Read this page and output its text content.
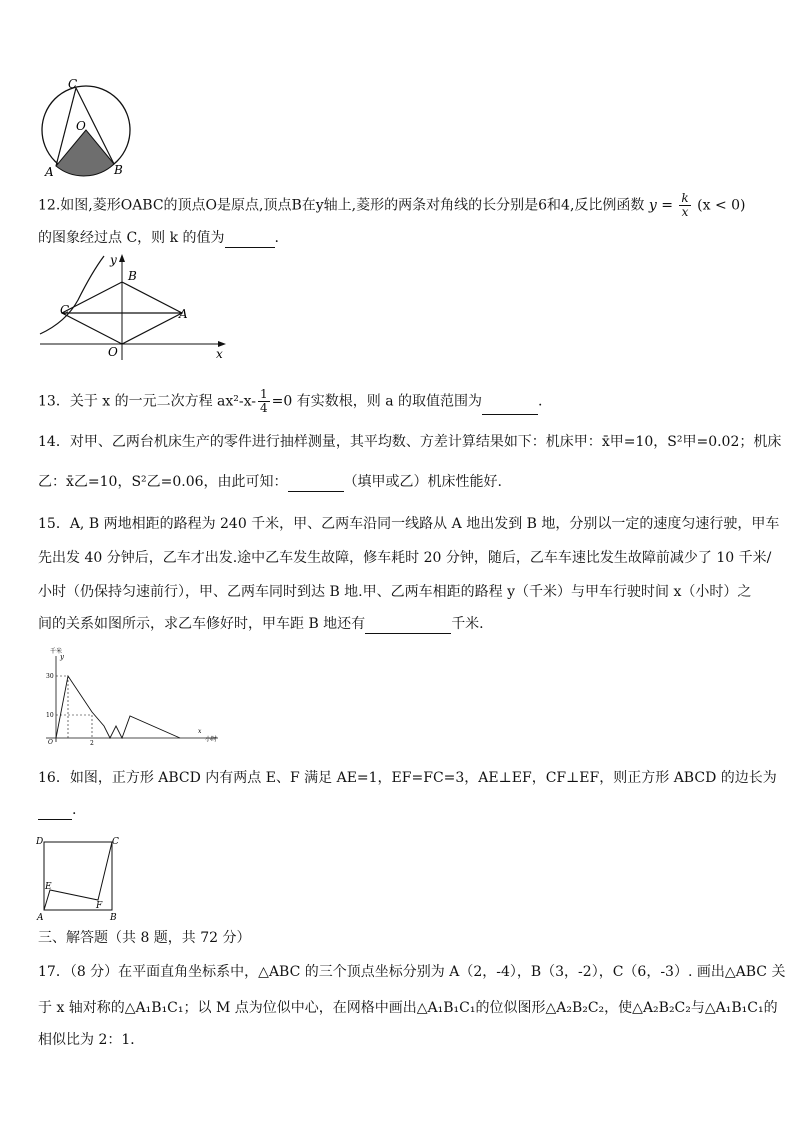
C
O
A	B
12.如图,菱形OABC的顶点O是原点,顶点B在y轴上,菱形的两条对角线的长分别是6和4,反比例函数 $y = \frac{k}{x} (x < 0)$
的图象经过点 C，则 k 的值为	.
y
B
C	A
O	x
13．关于 x 的一元二次方程 $ax^2-x- \frac{1}{4} =0$ 有实数根，则 a 的取值范围为	.
14．对甲、乙两台机床生产的零件进行抽样测量，其平均数、方差计算结果如下：机床甲：x̄甲=10，S²甲=0.02；机床
乙：x̄乙=10，S²乙=0.06，由此可知：	（填甲或乙）机床性能好.
15．A, B 两地相距的路程为 240 千米，甲、乙两车沿同一线路从 A 地出发到 B 地，分别以一定的速度匀速行驶，甲车
先出发 40 分钟后，乙车才出发.途中乙车发生故障，修车耗时 20 分钟，随后，乙车车速比发生故障前减少了 10 千米/
小时（仍保持匀速前行），甲、乙两车同时到达 B 地.甲、乙两车相距的路程 y（千米）与甲车行驶时间 x（小时）之
间的关系如图所示，求乙车修好时，甲车距 B 地还有	千米.
千米
y
30
10
O	2
x
小时
16．如图，正方形 ABCD 内有两点 E、F 满足 AE=1，EF=FC=3，AE⊥EF，CF⊥EF，则正方形 ABCD 的边长为
.
D	C
E
F
A	B
三、解答题（共 8 题，共 72 分）
17．（8 分）在平面直角坐标系中，△ABC 的三个顶点坐标分别为 A（2，-4），B（3，-2），C（6，-3）. 画出△ABC 关
于 x 轴对称的△A₁B₁C₁；以 M 点为位似中心，在网格中画出△A₁B₁C₁的位似图形△A₂B₂C₂，使△A₂B₂C₂与△A₁B₁C₁的
相似比为 2：1．
